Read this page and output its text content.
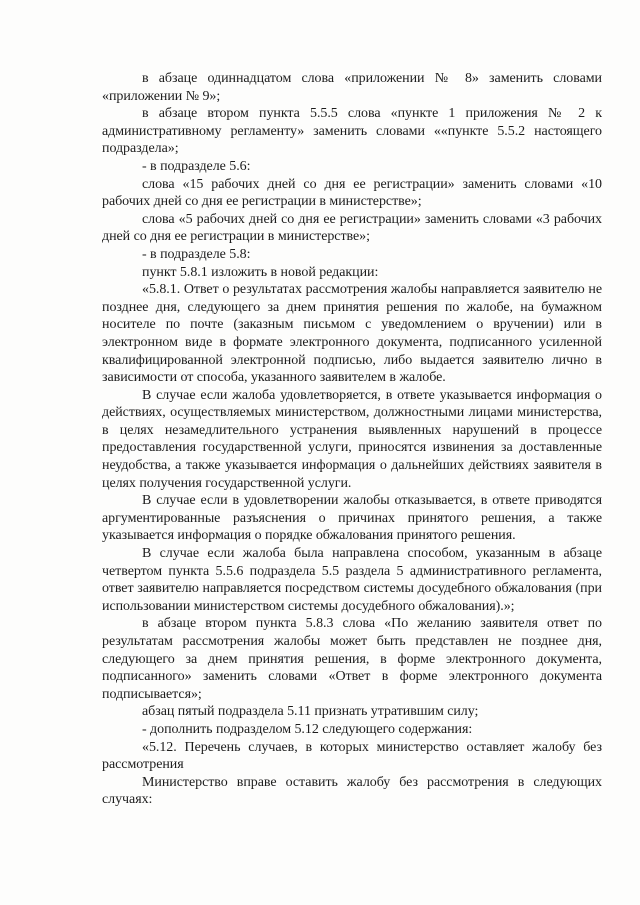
в абзаце одиннадцатом слова «приложении № 8» заменить словами «приложении № 9»;

в абзаце втором пункта 5.5.5 слова «пункте 1 приложения № 2 к административному регламенту» заменить словами ««пункте 5.5.2 настоящего подраздела»;

- в подразделе 5.6:

слова «15 рабочих дней со дня ее регистрации» заменить словами «10 рабочих дней со дня ее регистрации в министерстве»;

слова «5 рабочих дней со дня ее регистрации» заменить словами «3 рабочих дней со дня ее регистрации в министерстве»;

- в подразделе 5.8:

пункт 5.8.1 изложить в новой редакции:

«5.8.1. Ответ о результатах рассмотрения жалобы направляется заявителю не позднее дня, следующего за днем принятия решения по жалобе, на бумажном носителе по почте (заказным письмом с уведомлением о вручении) или в электронном виде в формате электронного документа, подписанного усиленной квалифицированной электронной подписью, либо выдается заявителю лично в зависимости от способа, указанного заявителем в жалобе.

В случае если жалоба удовлетворяется, в ответе указывается информация о действиях, осуществляемых министерством, должностными лицами министерства, в целях незамедлительного устранения выявленных нарушений в процессе предоставления государственной услуги, приносятся извинения за доставленные неудобства, а также указывается информация о дальнейших действиях заявителя в целях получения государственной услуги.

В случае если в удовлетворении жалобы отказывается, в ответе приводятся аргументированные разъяснения о причинах принятого решения, а также указывается информация о порядке обжалования принятого решения.

В случае если жалоба была направлена способом, указанным в абзаце четвертом пункта 5.5.6 подраздела 5.5 раздела 5 административного регламента, ответ заявителю направляется посредством системы досудебного обжалования (при использовании министерством системы досудебного обжалования).»;

в абзаце втором пункта 5.8.3 слова «По желанию заявителя ответ по результатам рассмотрения жалобы может быть представлен не позднее дня, следующего за днем принятия решения, в форме электронного документа, подписанного» заменить словами «Ответ в форме электронного документа подписывается»;

абзац пятый подраздела 5.11 признать утратившим силу;

- дополнить подразделом 5.12 следующего содержания:

«5.12. Перечень случаев, в которых министерство оставляет жалобу без рассмотрения

Министерство вправе оставить жалобу без рассмотрения в следующих случаях:
